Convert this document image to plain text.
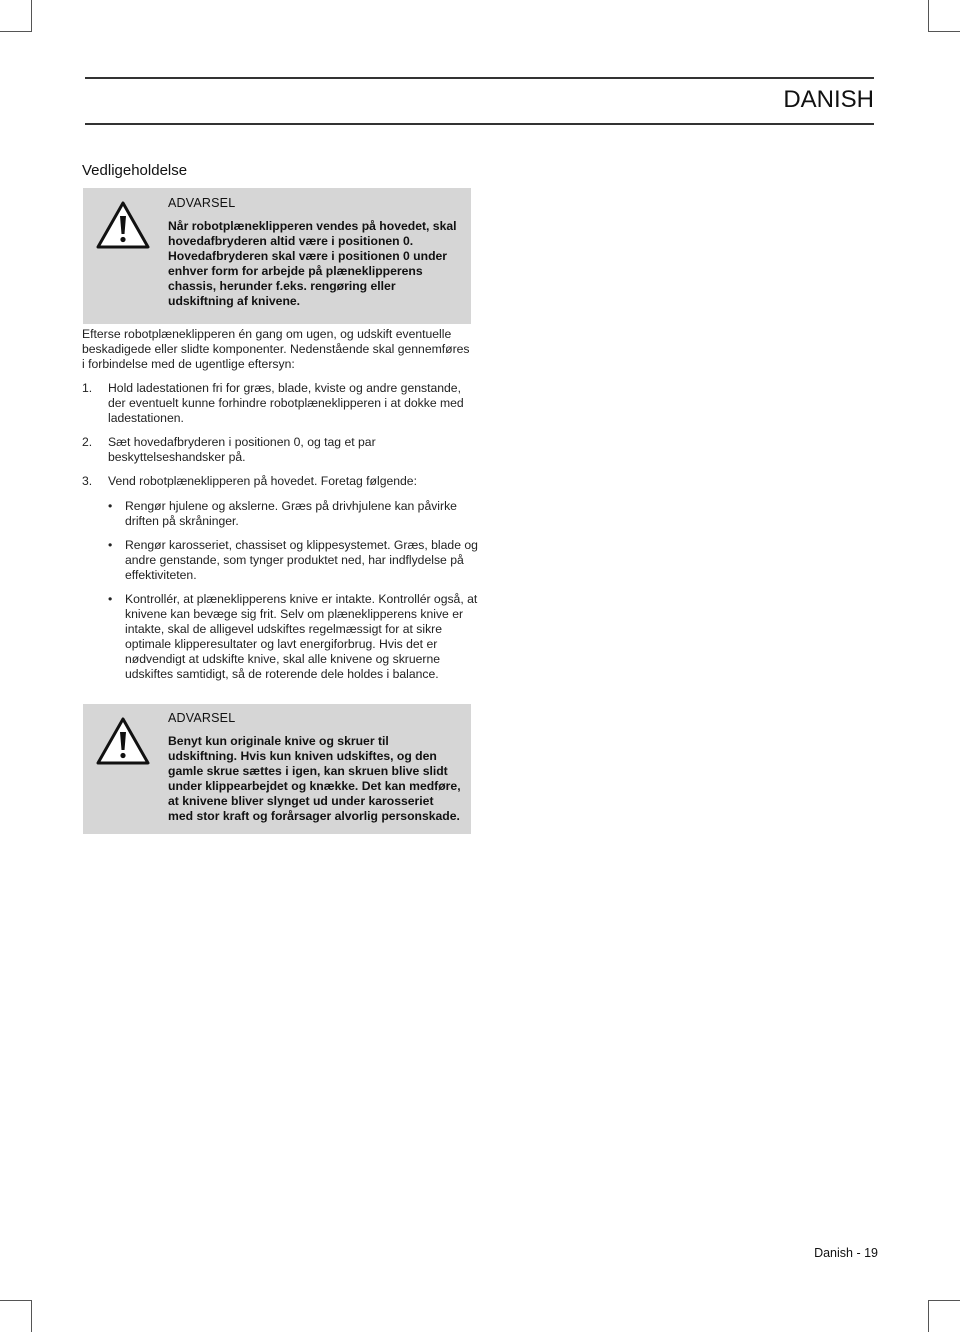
DANISH
Vedligeholdelse
ADVARSEL
Når robotplæneklipperen vendes på hovedet, skal hovedafbryderen altid være i positionen 0. Hovedafbryderen skal være i positionen 0 under enhver form for arbejde på plæneklipperens chassis, herunder f.eks. rengøring eller udskiftning af knivene.
Efterse robotplæneklipperen én gang om ugen, og udskift eventuelle beskadigede eller slidte komponenter. Nedenstående skal gennemføres i forbindelse med de ugentlige eftersyn:
1. Hold ladestationen fri for græs, blade, kviste og andre genstande, der eventuelt kunne forhindre robotplæneklipperen i at dokke med ladestationen.
2. Sæt hovedafbryderen i positionen 0, og tag et par beskyttelseshandsker på.
3. Vend robotplæneklipperen på hovedet. Foretag følgende:
• Rengør hjulene og akslerne. Græs på drivhjulene kan påvirke driften på skråninger.
• Rengør karosseriet, chassiset og klippesystemet. Græs, blade og andre genstande, som tynger produktet ned, har indflydelse på effektiviteten.
• Kontrollér, at plæneklipperens knive er intakte. Kontrollér også, at knivene kan bevæge sig frit. Selv om plæneklipperens knive er intakte, skal de alligevel udskiftes regelmæssigt for at sikre optimale klipperesultater og lavt energiforbrug. Hvis det er nødvendigt at udskifte knive, skal alle knivene og skruerne udskiftes samtidigt, så de roterende dele holdes i balance.
ADVARSEL
Benyt kun originale knive og skruer til udskiftning. Hvis kun kniven udskiftes, og den gamle skrue sættes i igen, kan skruen blive slidt under klippearbejdet og knække. Det kan medføre, at knivene bliver slynget ud under karosseriet med stor kraft og forårsager alvorlig personskade.
Danish - 19
